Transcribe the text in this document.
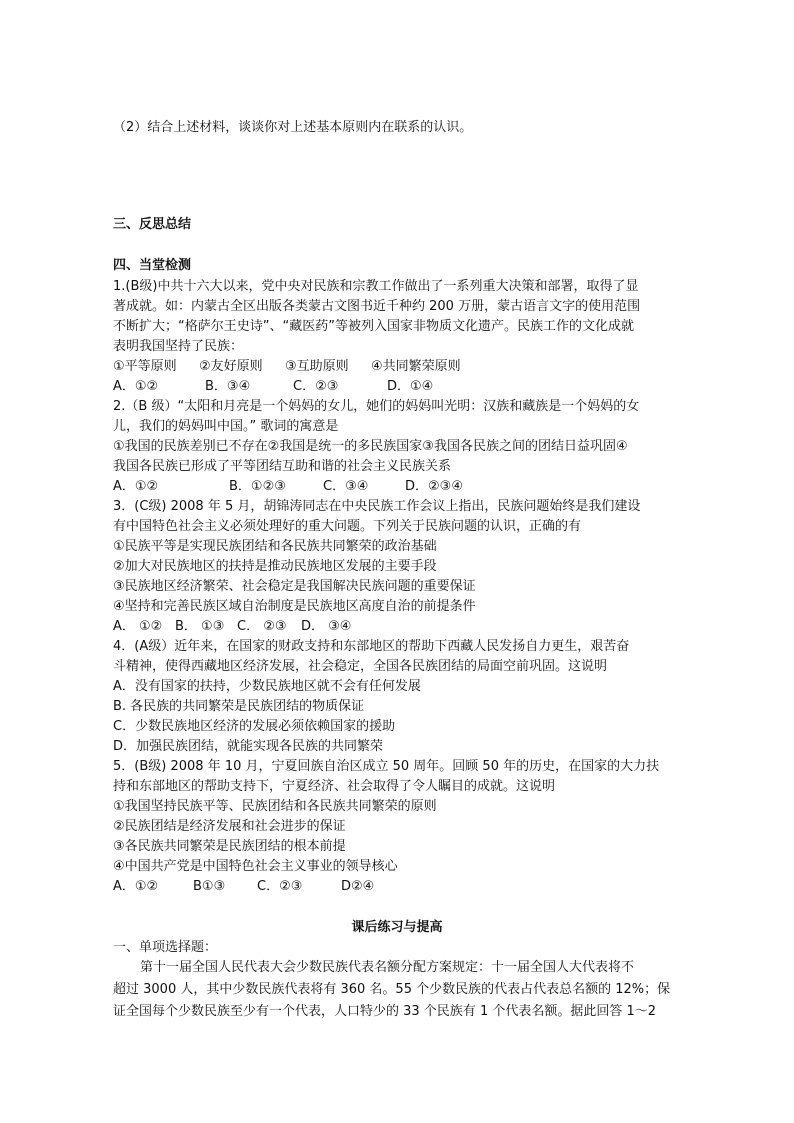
（2）结合上述材料，谈谈你对上述基本原则内在联系的认识。
三、反思总结
四、当堂检测
1.(B级)中共十六大以来，党中央对民族和宗教工作做出了一系列重大决策和部署，取得了显
著成就。如：内蒙古全区出版各类蒙古文图书近千种约 200 万册，蒙古语言文字的使用范围
不断扩大；“格萨尔王史诗”、“藏医药”等被列入国家非物质文化遗产。民族工作的文化成就
表明我国坚持了民族：
①平等原则 ②友好原则 ③互助原则 ④共同繁荣原则
A．①②	B．③④	C．②③	D．①④
2.（B 级）“太阳和月亮是一个妈妈的女儿，她们的妈妈叫光明：汉族和藏族是一个妈妈的女
儿，我们的妈妈叫中国。” 歌词的寓意是
①我国的民族差别已不存在②我国是统一的多民族国家③我国各民族之间的团结日益巩固④
我国各民族已形成了平等团结互助和谐的社会主义民族关系
A．①②	B．①②③	C．③④	D．②③④
3．(C级) 2008 年 5 月，胡锦涛同志在中央民族工作会议上指出，民族问题始终是我们建设
有中国特色社会主义必须处理好的重大问题。下列关于民族问题的认识，正确的有
①民族平等是实现民族团结和各民族共同繁荣的政治基础
②加大对民族地区的扶持是推动民族地区发展的主要手段
③民族地区经济繁荣、社会稳定是我国解决民族问题的重要保证
④坚持和完善民族区域自治制度是民族地区高度自治的前提条件
A． ①② B． ①③ C． ②③ D． ③④
4．(A级）近年来，在国家的财政支持和东部地区的帮助下西藏人民发扬自力更生，艰苦奋
斗精神，使得西藏地区经济发展，社会稳定，全国各民族团结的局面空前巩固。这说明
A．没有国家的扶持，少数民族地区就不会有任何发展
B. 各民族的共同繁荣是民族团结的物质保证
C．少数民族地区经济的发展必须依赖国家的援助
D．加强民族团结，就能实现各民族的共同繁荣
5．(B级) 2008 年 10 月，宁夏回族自治区成立 50 周年。回顾 50 年的历史，在国家的大力扶
持和东部地区的帮助支持下，宁夏经济、社会取得了令人瞩目的成就。这说明
①我国坚持民族平等、民族团结和各民族共同繁荣的原则
②民族团结是经济发展和社会进步的保证
③各民族共同繁荣是民族团结的根本前提
④中国共产党是中国特色社会主义事业的领导核心
A．①②	B①③ C．②③	D②④
课后练习与提高
一、单项选择题：
第十一届全国人民代表大会少数民族代表名额分配方案规定：十一届全国人大代表将不
超过 3000 人，其中少数民族代表将有 360 名。55 个少数民族的代表占代表总名额的 12%；保
证全国每个少数民族至少有一个代表，人口特少的 33 个民族有 1 个代表名额。据此回答 1～2
